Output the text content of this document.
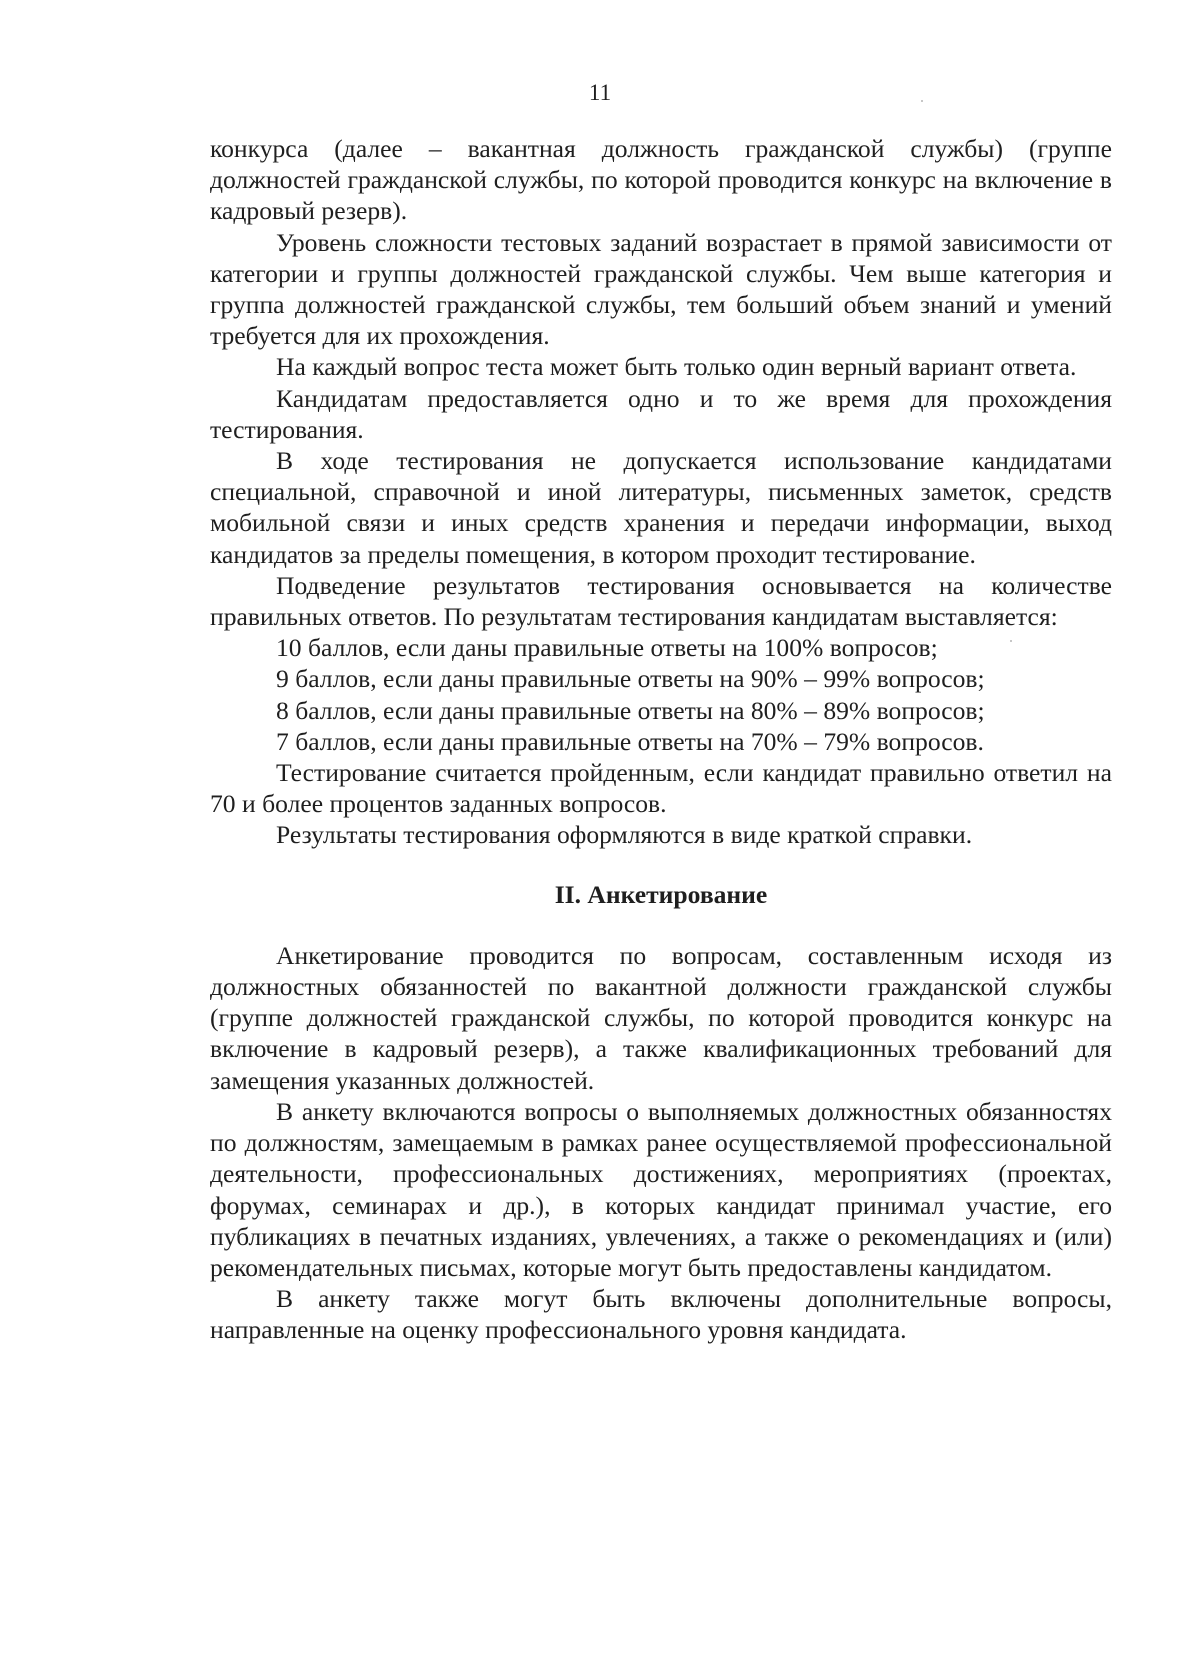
11

конкурса (далее – вакантная должность гражданской службы) (группе должностей гражданской службы, по которой проводится конкурс на включение в кадровый резерв).

Уровень сложности тестовых заданий возрастает в прямой зависимости от категории и группы должностей гражданской службы. Чем выше категория и группа должностей гражданской службы, тем больший объем знаний и умений требуется для их прохождения.

На каждый вопрос теста может быть только один верный вариант ответа.

Кандидатам предоставляется одно и то же время для прохождения тестирования.

В ходе тестирования не допускается использование кандидатами специальной, справочной и иной литературы, письменных заметок, средств мобильной связи и иных средств хранения и передачи информации, выход кандидатов за пределы помещения, в котором проходит тестирование.

Подведение результатов тестирования основывается на количестве правильных ответов. По результатам тестирования кандидатам выставляется:

10 баллов, если даны правильные ответы на 100% вопросов;

9 баллов, если даны правильные ответы на 90% – 99% вопросов;

8 баллов, если даны правильные ответы на 80% – 89% вопросов;

7 баллов, если даны правильные ответы на 70% – 79% вопросов.

Тестирование считается пройденным, если кандидат правильно ответил на 70 и более процентов заданных вопросов.

Результаты тестирования оформляются в виде краткой справки.

II. Анкетирование

Анкетирование проводится по вопросам, составленным исходя из должностных обязанностей по вакантной должности гражданской службы (группе должностей гражданской службы, по которой проводится конкурс на включение в кадровый резерв), а также квалификационных требований для замещения указанных должностей.

В анкету включаются вопросы о выполняемых должностных обязанностях по должностям, замещаемым в рамках ранее осуществляемой профессиональной деятельности, профессиональных достижениях, мероприятиях (проектах, форумах, семинарах и др.), в которых кандидат принимал участие, его публикациях в печатных изданиях, увлечениях, а также о рекомендациях и (или) рекомендательных письмах, которые могут быть предоставлены кандидатом.

В анкету также могут быть включены дополнительные вопросы, направленные на оценку профессионального уровня кандидата.
